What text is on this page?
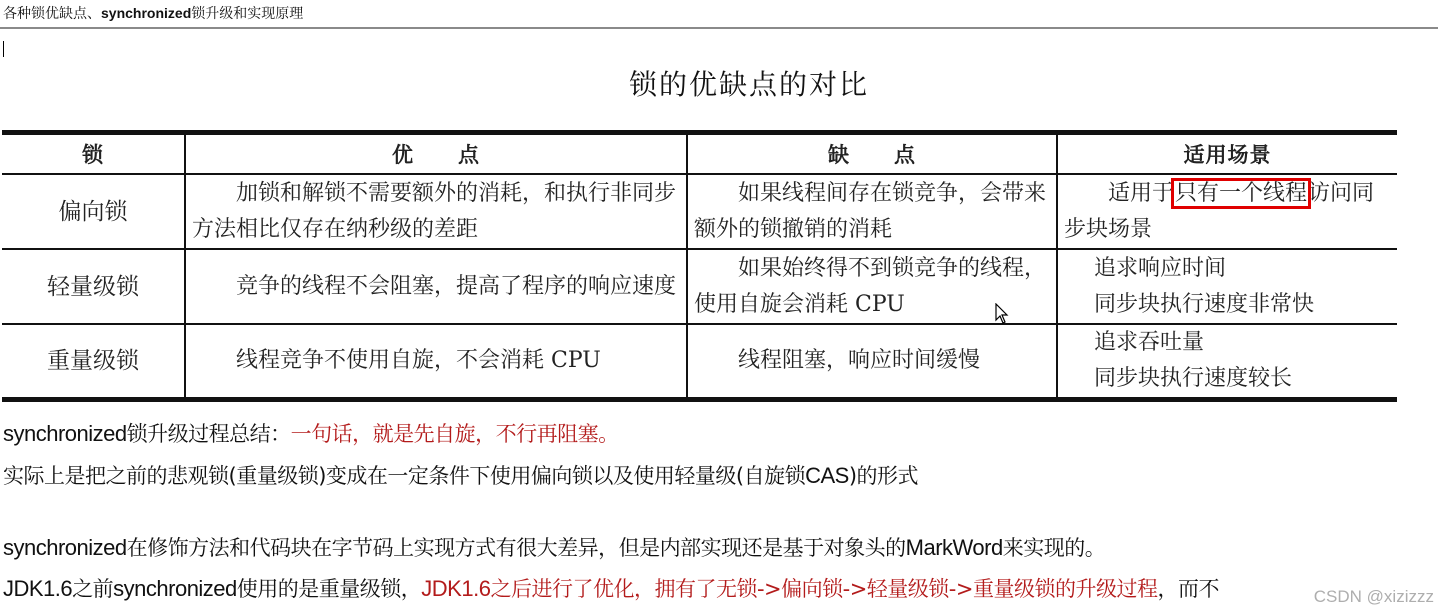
各种锁优缺点、synchronized锁升级和实现原理
锁的优缺点的对比
锁	优　　点	缺　　点	适用场景
偏向锁	加锁和解锁不需要额外的消耗，和执行非同步方法相比仅存在纳秒级的差距	如果线程间存在锁竞争，会带来额外的锁撤销的消耗	适用于只有一个线程访问同步块场景
轻量级锁	竞争的线程不会阻塞，提高了程序的响应速度	如果始终得不到锁竞争的线程，使用自旋会消耗 CPU	追求响应时间
同步块执行速度非常快

重量级锁	线程竞争不使用自旋，不会消耗 CPU	线程阻塞，响应时间缓慢	追求吞吐量
同步块执行速度较长
synchronized锁升级过程总结：一句话，就是先自旋，不行再阻塞。
实际上是把之前的悲观锁(重量级锁)变成在一定条件下使用偏向锁以及使用轻量级(自旋锁CAS)的形式
synchronized在修饰方法和代码块在字节码上实现方式有很大差异，但是内部实现还是基于对象头的MarkWord来实现的。
JDK1.6之前synchronized使用的是重量级锁，JDK1.6之后进行了优化，拥有了无锁->偏向锁->轻量级锁->重量级锁的升级过程，而不	CSDN @xizizzz
